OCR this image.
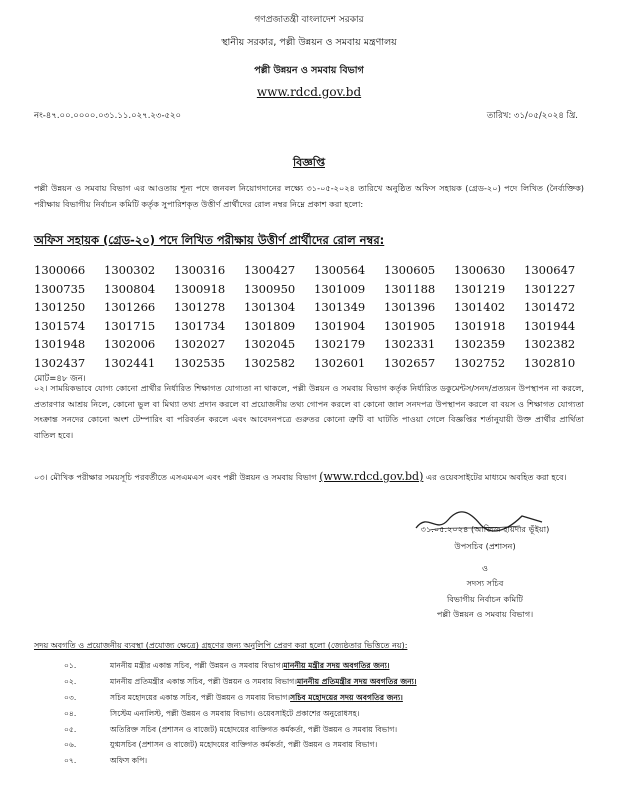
গণপ্রজাতন্ত্রী বাংলাদেশ সরকার
স্থানীয় সরকার, পল্লী উন্নয়ন ও সমবায় মন্ত্রণালয়
পল্লী উন্নয়ন ও সমবায় বিভাগ
www.rdcd.gov.bd
নং-৪৭.০০.০০০০.০৩১.১১.০২৭.২৩-৫২০	তারিখ: ৩১/০৫/২০২৪ খ্রি.
বিজ্ঞপ্তি
পল্লী উন্নয়ন ও সমবায় বিভাগ এর আওতায় শূন্য পদে জনবল নিয়োগদানের লক্ষ্যে ৩১-০৫-২০২৪ তারিখে অনুষ্ঠিত অফিস সহায়ক (গ্রেড-২০) পদে লিখিত (নৈর্ব্যক্তিক) পরীক্ষায় বিভাগীয় নির্বাচন কমিটি কর্তৃক সুপারিশকৃত উত্তীর্ণ প্রার্থীদের রোল নম্বর নিম্নে প্রকাশ করা হলো:
অফিস সহায়ক (গ্রেড-২০) পদে লিখিত পরীক্ষায় উত্তীর্ণ প্রার্থীদের রোল নম্বর:
1300066	1300302	1300316	1300427	1300564	1300605	1300630	1300647
1300735	1300804	1300918	1300950	1301009	1301188	1301219	1301227
1301250	1301266	1301278	1301304	1301349	1301396	1301402	1301472
1301574	1301715	1301734	1301809	1301904	1301905	1301918	1301944
1301948	1302006	1302027	1302045	1302179	1302331	1302359	1302382
1302437	1302441	1302535	1302582	1302601	1302657	1302752	1302810
মোট=৪৮ জন।
০২। সাময়িকভাবে যোগ্য কোনো প্রার্থীর নির্ধারিত শিক্ষাগত যোগ্যতা না থাকলে, পল্লী উন্নয়ন ও সমবায় বিভাগ কর্তৃক নির্ধারিত ডকুমেন্টস/সনদ/প্রত্যয়ন উপস্থাপন না করলে, প্রতারণার আশ্রয় নিলে, কোনো ভুল বা মিথ্যা তথ্য প্রদান করলে বা প্রয়োজনীয় তথ্য গোপন করলে বা কোনো জাল সনদপত্র উপস্থাপন করলে বা বয়স ও শিক্ষাগত যোগ্যতা সংক্রান্ত সনদের কোনো অংশ টেম্পারিং বা পরিবর্তন করলে এবং আবেদনপত্রে গুরুতর কোনো ত্রুটি বা ঘাটতি পাওয়া গেলে বিজ্ঞপ্তির শর্তানুযায়ী উক্ত প্রার্থীর প্রার্থিতা বাতিল হবে।
০৩। মৌখিক পরীক্ষার সময়সূচি পরবর্তীতে এসএমএস এবং পল্লী উন্নয়ন ও সমবায় বিভাগ (www.rdcd.gov.bd) এর ওয়েবসাইটের মাধ্যমে অবহিত করা হবে।
৩১.০৫.২০২৪ (আজিজ হায়দার ভূঁইয়া)
উপসচিব (প্রশাসন)
ও
সদস্য সচিব
বিভাগীয় নির্বাচন কমিটি
পল্লী উন্নয়ন ও সমবায় বিভাগ।
সদয় অবগতি ও প্রয়োজনীয় ব্যবস্থা (প্রযোজ্য ক্ষেত্রে) গ্রহণের জন্য অনুলিপি প্রেরণ করা হলো (জ্যেষ্ঠতার ভিত্তিতে নয়):
০১.	মাননীয় মন্ত্রীর একান্ত সচিব, পল্লী উন্নয়ন ও সমবায় বিভাগ। মাননীয় মন্ত্রীর সদয় অবগতির জন্য।
০২.	মাননীয় প্রতিমন্ত্রীর একান্ত সচিব, পল্লী উন্নয়ন ও সমবায় বিভাগ। মাননীয় প্রতিমন্ত্রীর সদয় অবগতির জন্য।
০৩.	সচিব মহোদয়ের একান্ত সচিব, পল্লী উন্নয়ন ও সমবায় বিভাগ। সচিব মহোদয়ের সদয় অবগতির জন্য।
০৪.	সিস্টেম এনালিস্ট, পল্লী উন্নয়ন ও সমবায় বিভাগ। ওয়েবসাইটে প্রকাশের অনুরোধসহ।
০৫.	অতিরিক্ত সচিব (প্রশাসন ও বাজেট) মহোদয়ের ব্যক্তিগত কর্মকর্তা, পল্লী উন্নয়ন ও সমবায় বিভাগ।
০৬.	যুগ্মসচিব (প্রশাসন ও বাজেট) মহোদয়ের ব্যক্তিগত কর্মকর্তা, পল্লী উন্নয়ন ও সমবায় বিভাগ।
০৭.	অফিস কপি।
